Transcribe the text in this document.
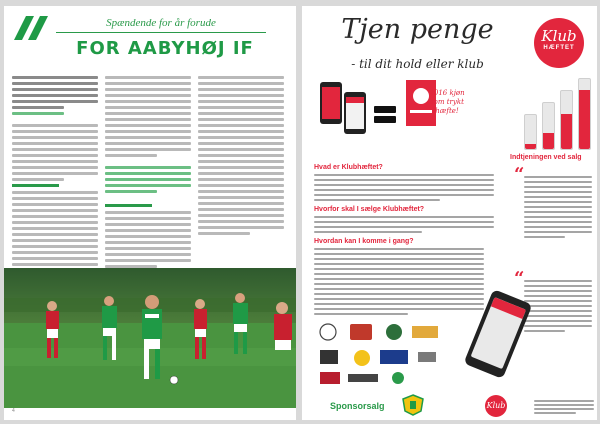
Spændende for år forude
FOR AABYHØJ IF
4
Tjen penge
- til dit hold eller klub
Klub
HÆFTET
2016 kjøn som trykt hæfte!
Indtjeningen ved salg
Hvad er Klubhæftet?
Hvorfor skal I sælge Klubhæftet?
Hvordan kan I komme i gang?
“
“
Sponsorsalg	Klub
